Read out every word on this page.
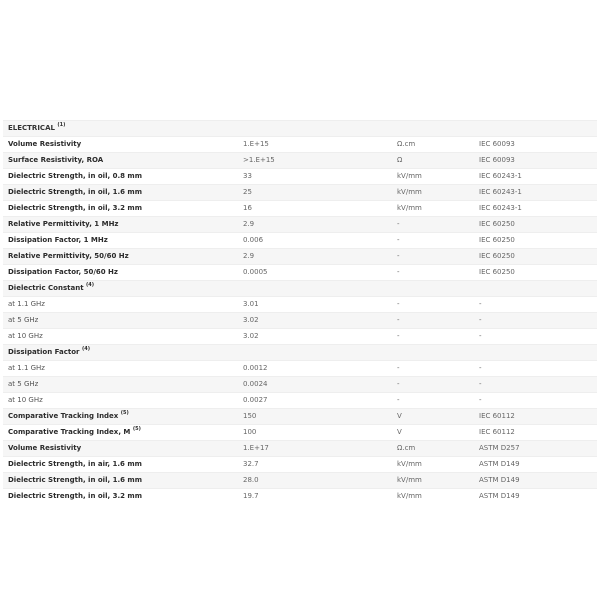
ELECTRICAL $^{(1)}$
Volume Resistivity	1.E+15	Ω.cm	IEC 60093
Surface Resistivity, ROA	>1.E+15	Ω	IEC 60093
Dielectric Strength, in oil, 0.8 mm	33	kV/mm	IEC 60243-1
Dielectric Strength, in oil, 1.6 mm	25	kV/mm	IEC 60243-1
Dielectric Strength, in oil, 3.2 mm	16	kV/mm	IEC 60243-1
Relative Permittivity, 1 MHz	2.9	-	IEC 60250
Dissipation Factor, 1 MHz	0.006	-	IEC 60250
Relative Permittivity, 50/60 Hz	2.9	-	IEC 60250
Dissipation Factor, 50/60 Hz	0.0005	-	IEC 60250
Dielectric Constant $^{(4)}$			
at 1.1 GHz	3.01	-	-
at 5 GHz	3.02	-	-
at 10 GHz	3.02	-	-
Dissipation Factor $^{(4)}$			
at 1.1 GHz	0.0012	-	-
at 5 GHz	0.0024	-	-
at 10 GHz	0.0027	-	-
Comparative Tracking Index $^{(5)}$	150	V	IEC 60112
Comparative Tracking Index, M $^{(5)}$	100	V	IEC 60112
Volume Resistivity	1.E+17	Ω.cm	ASTM D257
Dielectric Strength, in air, 1.6 mm	32.7	kV/mm	ASTM D149
Dielectric Strength, in oil, 1.6 mm	28.0	kV/mm	ASTM D149
Dielectric Strength, in oil, 3.2 mm	19.7	kV/mm	ASTM D149
